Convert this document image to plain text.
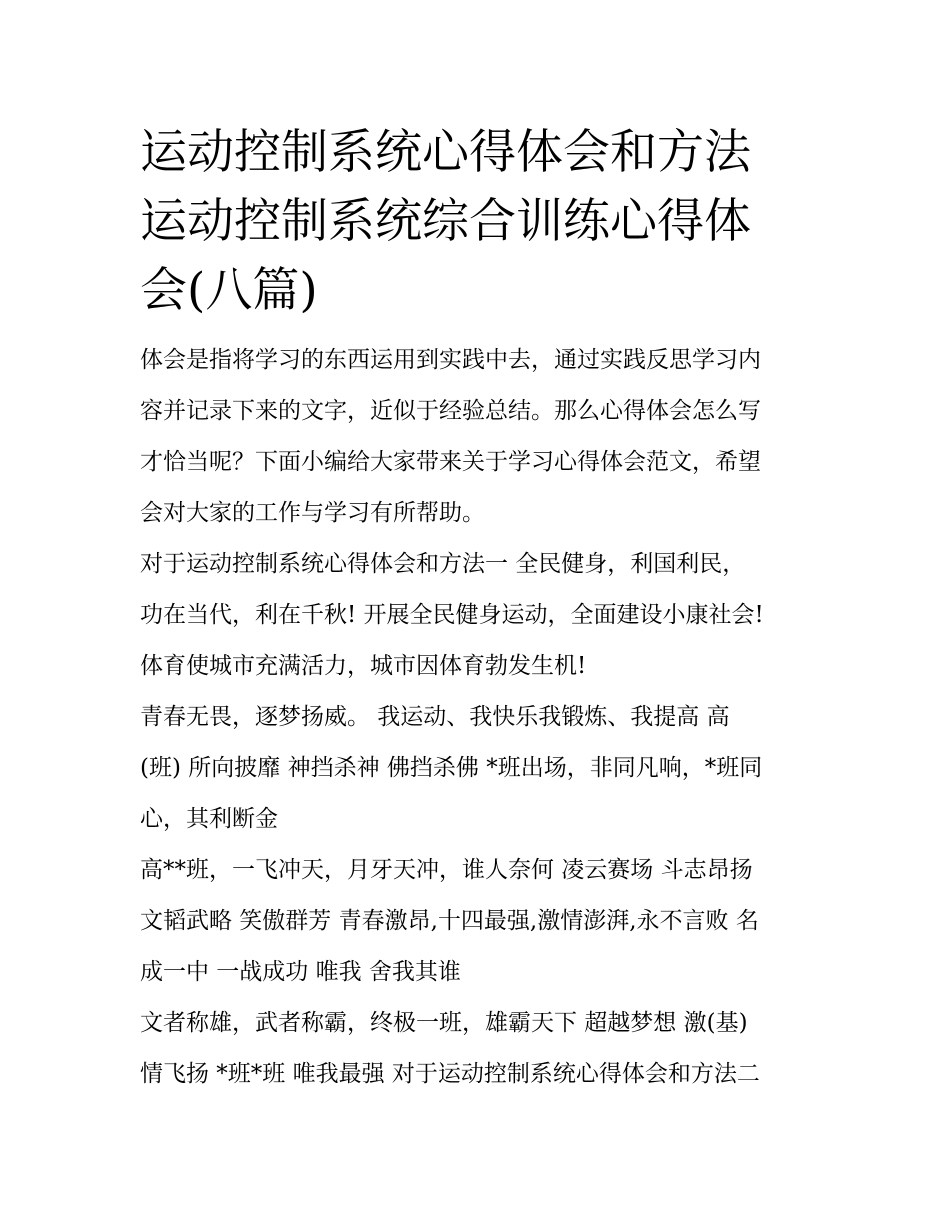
运动控制系统心得体会和方法
运动控制系统综合训练心得体
会(八篇)

体会是指将学习的东西运用到实践中去，通过实践反思学习内
容并记录下来的文字，近似于经验总结。那么心得体会怎么写
才恰当呢？下面小编给大家带来关于学习心得体会范文，希望
会对大家的工作与学习有所帮助。

对于运动控制系统心得体会和方法一 全民健身，利国利民，
功在当代，利在千秋! 开展全民健身运动，全面建设小康社会!
体育使城市充满活力，城市因体育勃发生机!

青春无畏，逐梦扬威。 我运动、我快乐我锻炼、我提高 高
(班) 所向披靡 神挡杀神 佛挡杀佛 *班出场，非同凡响，*班同
心，其利断金

高**班，一飞冲天，月牙天冲，谁人奈何 凌云赛场 斗志昂扬
文韬武略 笑傲群芳 青春激昂,十四最强,激情澎湃,永不言败 名
成一中 一战成功 唯我 舍我其谁

文者称雄，武者称霸，终极一班，雄霸天下 超越梦想 激(基)
情飞扬 *班*班 唯我最强 对于运动控制系统心得体会和方法二
